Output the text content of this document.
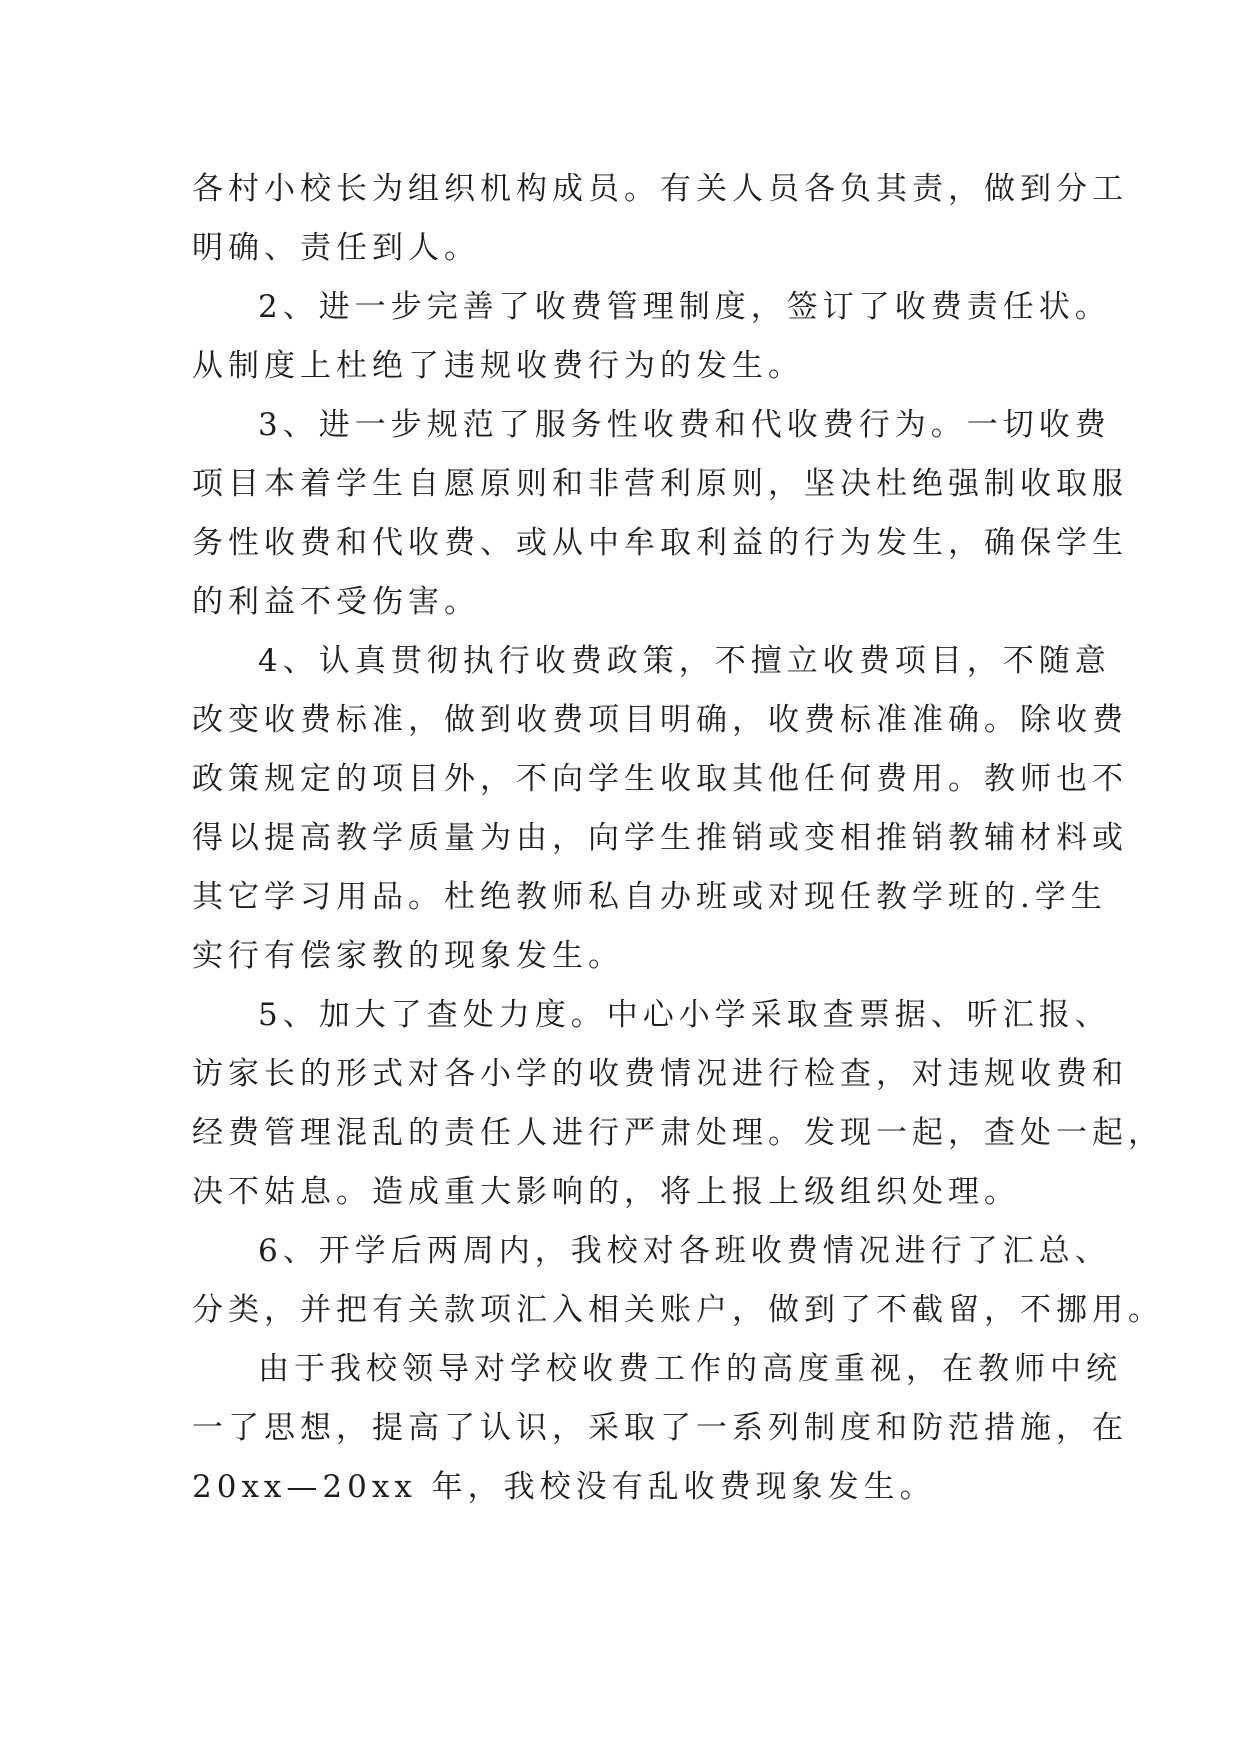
各村小校长为组织机构成员。有关人员各负其责，做到分工
明确、责任到人。
2、进一步完善了收费管理制度，签订了收费责任状。
从制度上杜绝了违规收费行为的发生。
3、进一步规范了服务性收费和代收费行为。一切收费
项目本着学生自愿原则和非营利原则，坚决杜绝强制收取服
务性收费和代收费、或从中牟取利益的行为发生，确保学生
的利益不受伤害。
4、认真贯彻执行收费政策，不擅立收费项目，不随意
改变收费标准，做到收费项目明确，收费标准准确。除收费
政策规定的项目外，不向学生收取其他任何费用。教师也不
得以提高教学质量为由，向学生推销或变相推销教辅材料或
其它学习用品。杜绝教师私自办班或对现任教学班的.学生
实行有偿家教的现象发生。
5、加大了查处力度。中心小学采取查票据、听汇报、
访家长的形式对各小学的收费情况进行检查，对违规收费和
经费管理混乱的责任人进行严肃处理。发现一起，查处一起，
决不姑息。造成重大影响的，将上报上级组织处理。
6、开学后两周内，我校对各班收费情况进行了汇总、
分类，并把有关款项汇入相关账户，做到了不截留，不挪用。
由于我校领导对学校收费工作的高度重视，在教师中统
一了思想，提高了认识，采取了一系列制度和防范措施，在
20xx—20xx 年，我校没有乱收费现象发生。
